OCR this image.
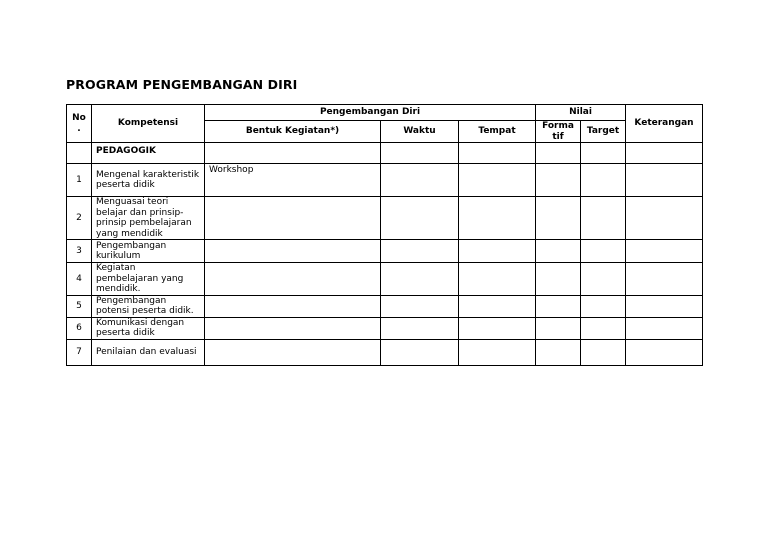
PROGRAM PENGEMBANGAN DIRI
No .	Kompetensi	Pengembangan Diri			Nilai		Keterangan
		Bentuk Kegiatan*)	Waktu	Tempat	Forma tif	Target	
	PEDAGOGIK						
1	Mengenal karakteristik peserta didik	Workshop					
2	Menguasai teori belajar dan prinsip-prinsip pembelajaran yang mendidik						
3	Pengembangan kurikulum						
4	Kegiatan pembelajaran yang mendidik.						
5	Pengembangan potensi peserta didik.						
6	Komunikasi dengan peserta didik						
7	Penilaian dan evaluasi						
